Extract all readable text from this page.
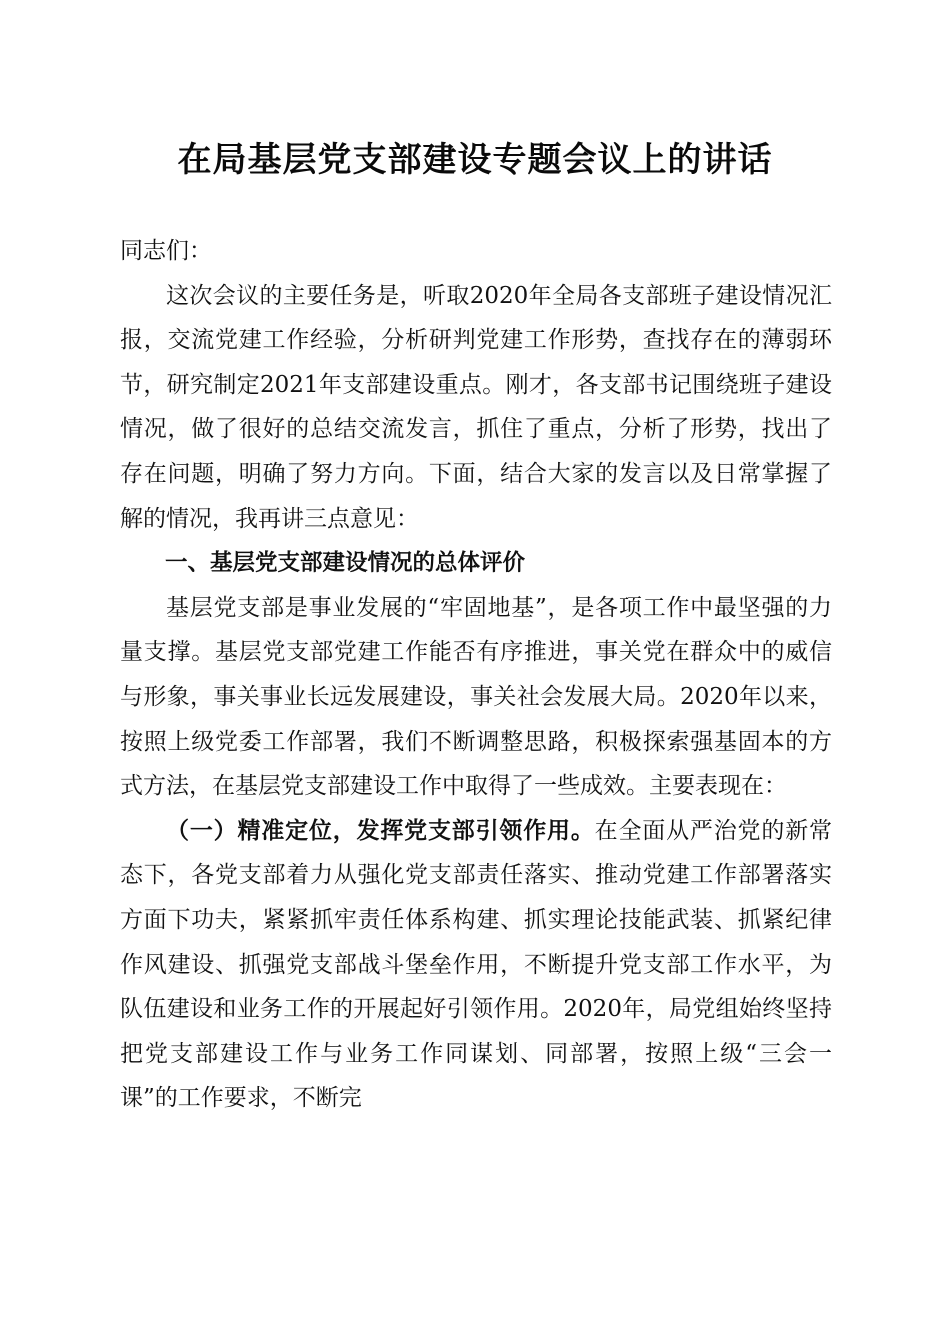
在局基层党支部建设专题会议上的讲话

同志们：

这次会议的主要任务是，听取2020年全局各支部班子建设情况汇报，交流党建工作经验，分析研判党建工作形势，查找存在的薄弱环节，研究制定2021年支部建设重点。刚才，各支部书记围绕班子建设情况，做了很好的总结交流发言，抓住了重点，分析了形势，找出了存在问题，明确了努力方向。下面，结合大家的发言以及日常掌握了解的情况，我再讲三点意见：

一、基层党支部建设情况的总体评价

基层党支部是事业发展的“牢固地基”，是各项工作中最坚强的力量支撑。基层党支部党建工作能否有序推进，事关党在群众中的威信与形象，事关事业长远发展建设，事关社会发展大局。2020年以来，按照上级党委工作部署，我们不断调整思路，积极探索强基固本的方式方法，在基层党支部建设工作中取得了一些成效。主要表现在：

（一）精准定位，发挥党支部引领作用。在全面从严治党的新常态下，各党支部着力从强化党支部责任落实、推动党建工作部署落实方面下功夫，紧紧抓牢责任体系构建、抓实理论技能武装、抓紧纪律作风建设、抓强党支部战斗堡垒作用，不断提升党支部工作水平，为队伍建设和业务工作的开展起好引领作用。2020年，局党组始终坚持把党支部建设工作与业务工作同谋划、同部署，按照上级“三会一课”的工作要求，不断完
